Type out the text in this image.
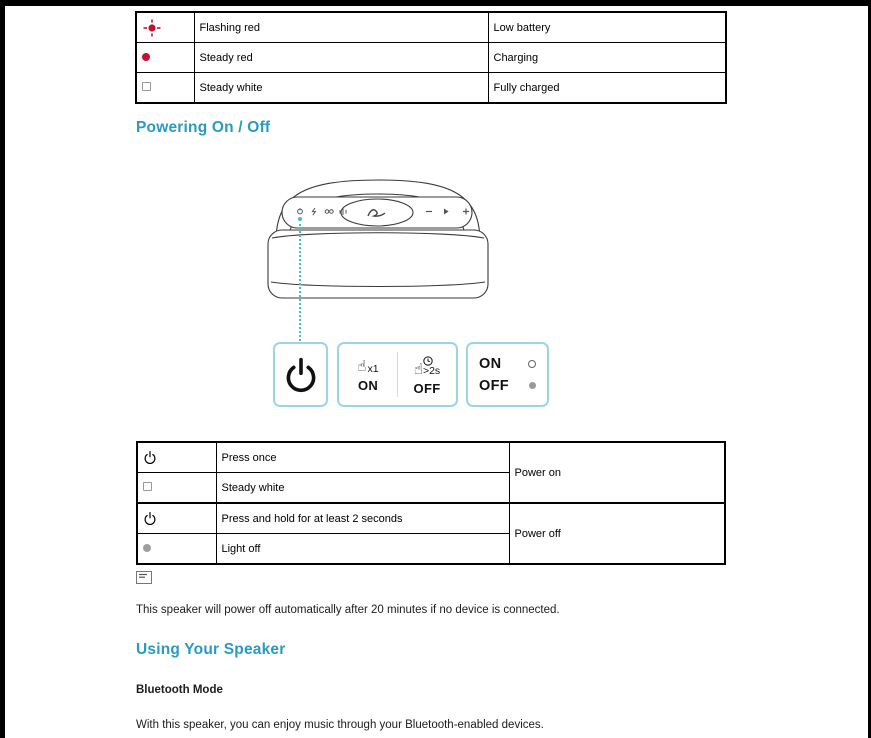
	Flashing red	Low battery
	Steady red	Charging
	Steady white	Fully charged
Powering On / Off
☝ x1
ON
☝ >2s
OFF
ON
OFF
	Press once	Power on
	Steady white	
	Press and hold for at least 2 seconds	Power off
	Light off	

This speaker will power off automatically after 20 minutes if no device is connected.

Using Your Speaker

Bluetooth Mode

With this speaker, you can enjoy music through your Bluetooth-enabled devices.
